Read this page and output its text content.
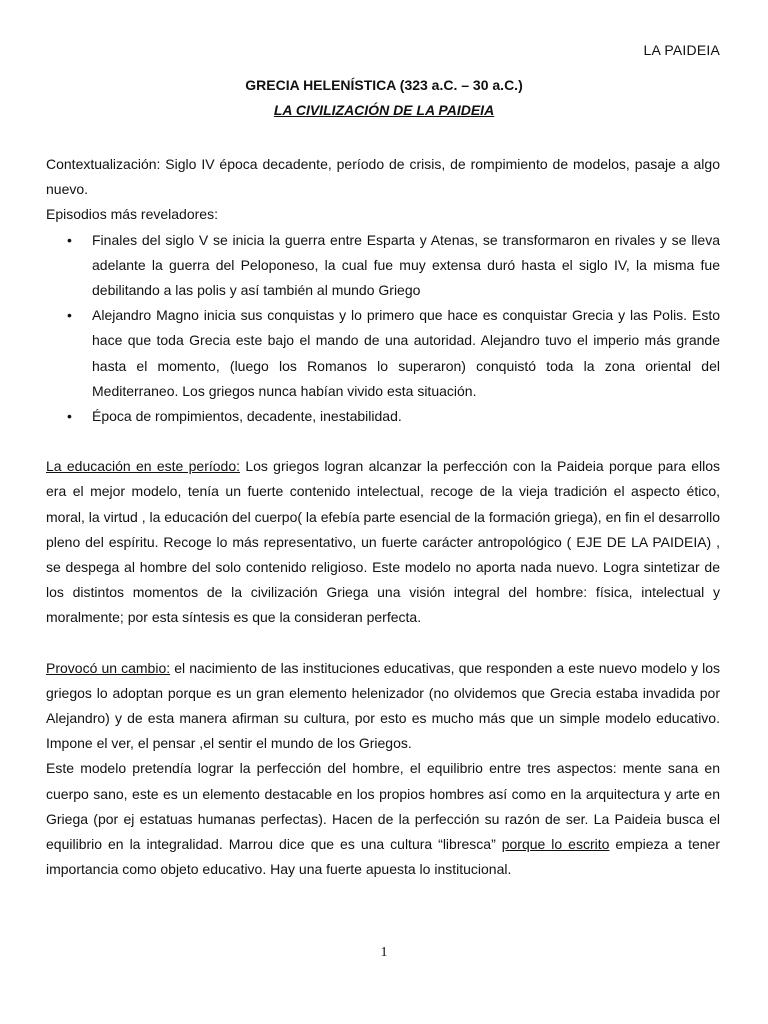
LA PAIDEIA
GRECIA HELENÍSTICA (323 a.C. – 30 a.C.)
LA CIVILIZACIÓN DE LA PAIDEIA

Contextualización: Siglo IV época decadente, período de crisis, de rompimiento de modelos, pasaje a algo nuevo.

Episodios más reveladores:

• Finales del siglo V se inicia la guerra entre Esparta y Atenas, se transformaron en rivales y se lleva adelante la guerra del Peloponeso, la cual fue muy extensa duró hasta el siglo IV, la misma fue debilitando a las polis y así también al mundo Griego
• Alejandro Magno inicia sus conquistas y lo primero que hace es conquistar Grecia y las Polis. Esto hace que toda Grecia este bajo el mando de una autoridad. Alejandro tuvo el imperio más grande hasta el momento, (luego los Romanos lo superaron) conquistó toda la zona oriental del Mediterraneo. Los griegos nunca habían vivido esta situación.
• Época de rompimientos, decadente, inestabilidad.

La educación en este período: Los griegos logran alcanzar la perfección con la Paideia porque para ellos era el mejor modelo, tenía un fuerte contenido intelectual, recoge de la vieja tradición el aspecto ético, moral, la virtud , la educación del cuerpo( la efebía parte esencial de la formación griega), en fin el desarrollo pleno del espíritu. Recoge lo más representativo, un fuerte carácter antropológico ( EJE DE LA PAIDEIA) , se despega al hombre del solo contenido religioso. Este modelo no aporta nada nuevo. Logra sintetizar de los distintos momentos de la civilización Griega una visión integral del hombre: física, intelectual y moralmente; por esta síntesis es que la consideran perfecta.

Provocó un cambio: el nacimiento de las instituciones educativas, que responden a este nuevo modelo y los griegos lo adoptan porque es un gran elemento helenizador (no olvidemos que Grecia estaba invadida por Alejandro) y de esta manera afirman su cultura, por esto es mucho más que un simple modelo educativo. Impone el ver, el pensar ,el sentir el mundo de los Griegos.

Este modelo pretendía lograr la perfección del hombre, el equilibrio entre tres aspectos: mente sana en cuerpo sano, este es un elemento destacable en los propios hombres así como en la arquitectura y arte en Griega (por ej estatuas humanas perfectas). Hacen de la perfección su razón de ser. La Paideia busca el equilibrio en la integralidad. Marrou dice que es una cultura “libresca” porque lo escrito empieza a tener importancia como objeto educativo. Hay una fuerte apuesta lo institucional.

1
